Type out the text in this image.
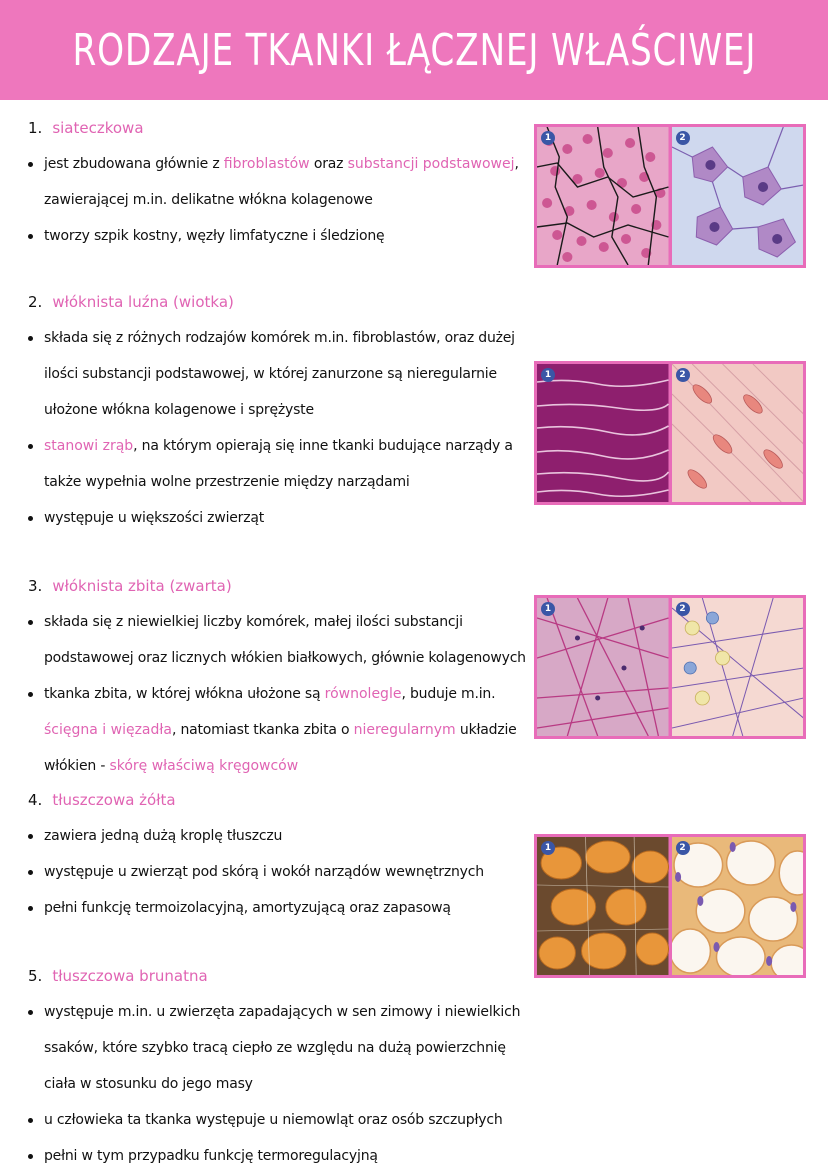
RODZAJE TKANKI ŁĄCZNEJ WŁAŚCIWEJ
1. siateczkowa
jest zbudowana głównie z fibroblastów oraz substancji podstawowej, zawierającej m.in. delikatne włókna kolagenowe
tworzy szpik kostny, węzły limfatyczne i śledzionę
2. włóknista luźna (wiotka)
składa się z różnych rodzajów komórek m.in. fibroblastów, oraz dużej ilości substancji podstawowej, w której zanurzone są nieregularnie ułożone włókna kolagenowe i sprężyste
stanowi zrąb, na którym opierają się inne tkanki budujące narządy a także wypełnia wolne przestrzenie między narządami
występuje u większości zwierząt
3. włóknista zbita (zwarta)
składa się z niewielkiej liczby komórek, małej ilości substancji podstawowej oraz licznych włókien białkowych, głównie kolagenowych
tkanka zbita, w której włókna ułożone są równolegle, buduje m.in. ścięgna i więzadła, natomiast tkanka zbita o nieregularnym układzie włókien - skórę właściwą kręgowców
4. tłuszczowa żółta
zawiera jedną dużą kroplę tłuszczu
występuje u zwierząt pod skórą i wokół narządów wewnętrznych
pełni funkcję termoizolacyjną, amortyzującą oraz zapasową
5. tłuszczowa brunatna
występuje m.in. u zwierzęta zapadających w sen zimowy i niewielkich ssaków, które szybko tracą ciepło ze względu na dużą powierzchnię ciała w stosunku do jego masy
u człowieka ta tkanka występuje u niemowląt oraz osób szczupłych
pełni w tym przypadku funkcję termoregulacyjną
1	2
1	2
1	2
1	2
